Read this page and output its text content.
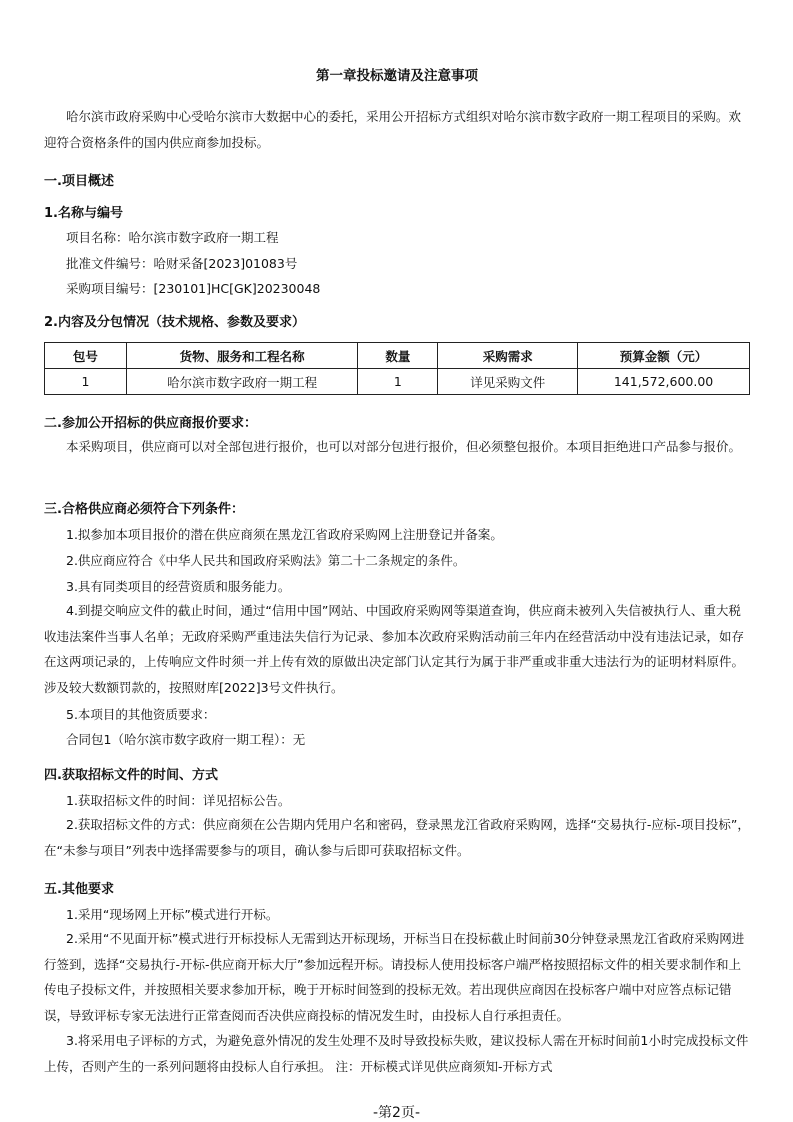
第一章投标邀请及注意事项
哈尔滨市政府采购中心受哈尔滨市大数据中心的委托，采用公开招标方式组织对哈尔滨市数字政府一期工程项目的采购。欢迎符合资格条件的国内供应商参加投标。
一.项目概述
1.名称与编号
项目名称：哈尔滨市数字政府一期工程
批准文件编号：哈财采备[2023]01083号
采购项目编号：[230101]HC[GK]20230048
2.内容及分包情况（技术规格、参数及要求）
包号	货物、服务和工程名称	数量	采购需求	预算金额（元）
1	哈尔滨市数字政府一期工程	1	详见采购文件	141,572,600.00
二.参加公开招标的供应商报价要求：
本采购项目，供应商可以对全部包进行报价，也可以对部分包进行报价，但必须整包报价。本项目拒绝进口产品参与报价。
三.合格供应商必须符合下列条件：
1.拟参加本项目报价的潜在供应商须在黑龙江省政府采购网上注册登记并备案。
2.供应商应符合《中华人民共和国政府采购法》第二十二条规定的条件。
3.具有同类项目的经营资质和服务能力。
4.到提交响应文件的截止时间，通过“信用中国”网站、中国政府采购网等渠道查询，供应商未被列入失信被执行人、重大税收违法案件当事人名单；无政府采购严重违法失信行为记录、参加本次政府采购活动前三年内在经营活动中没有违法记录，如存在这两项记录的，上传响应文件时须一并上传有效的原做出决定部门认定其行为属于非严重或非重大违法行为的证明材料原件。涉及较大数额罚款的，按照财库[2022]3号文件执行。
5.本项目的其他资质要求：
合同包1（哈尔滨市数字政府一期工程）：无
四.获取招标文件的时间、方式
1.获取招标文件的时间：详见招标公告。
2.获取招标文件的方式：供应商须在公告期内凭用户名和密码，登录黑龙江省政府采购网，选择“交易执行-应标-项目投标”，在“未参与项目”列表中选择需要参与的项目，确认参与后即可获取招标文件。
五.其他要求
1.采用“现场网上开标”模式进行开标。
2.采用“不见面开标”模式进行开标投标人无需到达开标现场，开标当日在投标截止时间前30分钟登录黑龙江省政府采购网进行签到，选择“交易执行-开标-供应商开标大厅”参加远程开标。请投标人使用投标客户端严格按照招标文件的相关要求制作和上传电子投标文件，并按照相关要求参加开标，晚于开标时间签到的投标无效。若出现供应商因在投标客户端中对应答点标记错误，导致评标专家无法进行正常查阅而否决供应商投标的情况发生时，由投标人自行承担责任。
3.将采用电子评标的方式，为避免意外情况的发生处理不及时导致投标失败，建议投标人需在开标时间前1小时完成投标文件上传，否则产生的一系列问题将由投标人自行承担。 注：开标模式详见供应商须知-开标方式
-第2页-
